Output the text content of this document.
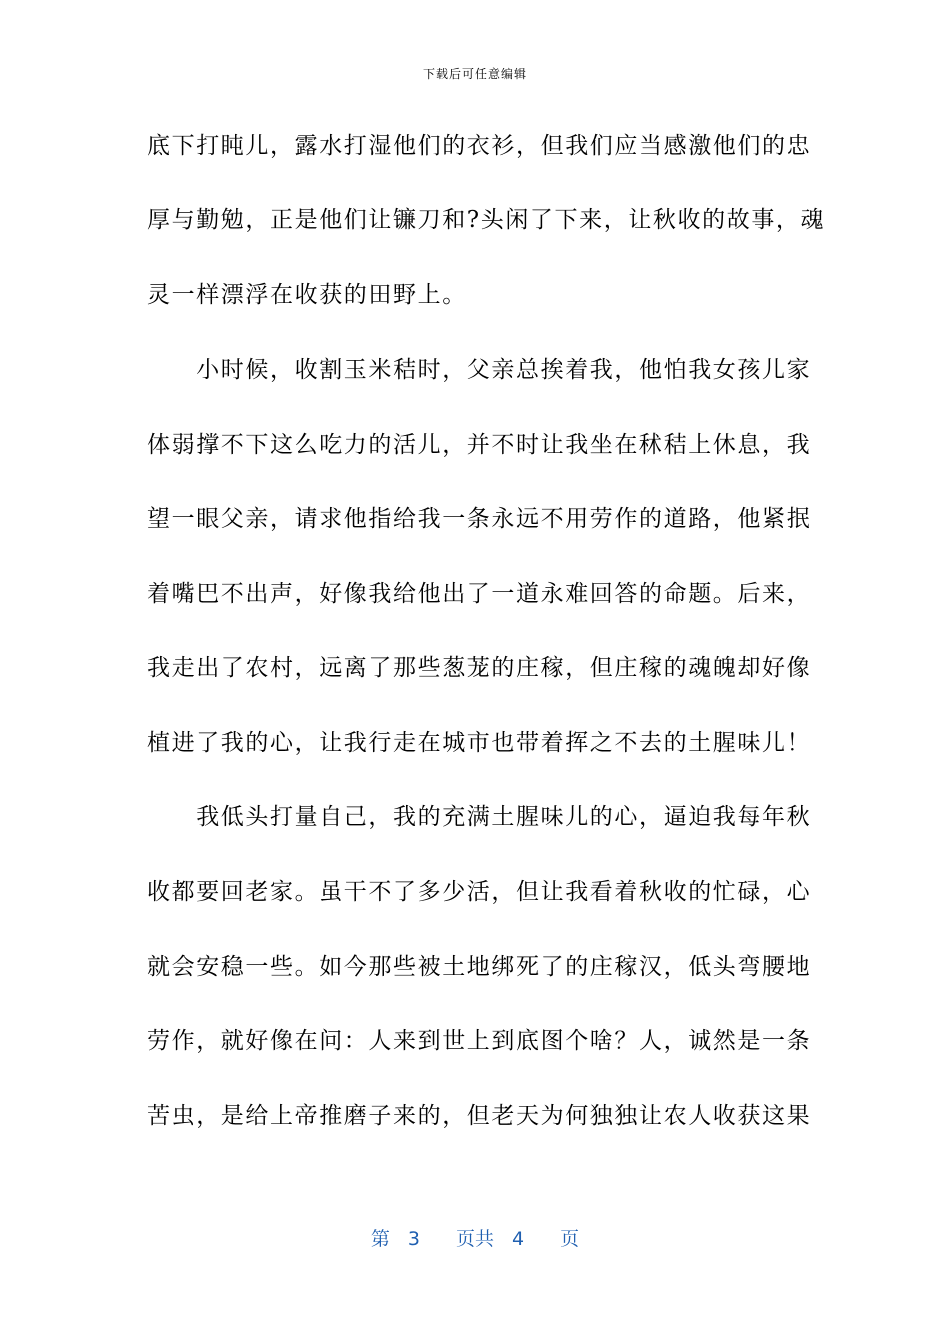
下载后可任意编辑
底下打盹儿，露水打湿他们的衣衫，但我们应当感激他们的忠
厚与勤勉，正是他们让镰刀和?头闲了下来，让秋收的故事，魂
灵一样漂浮在收获的田野上。
　　小时候，收割玉米秸时，父亲总挨着我，他怕我女孩儿家
体弱撑不下这么吃力的活儿，并不时让我坐在秫秸上休息，我
望一眼父亲，请求他指给我一条永远不用劳作的道路，他紧抿
着嘴巴不出声，好像我给他出了一道永难回答的命题。后来，
我走出了农村，远离了那些葱茏的庄稼，但庄稼的魂魄却好像
植进了我的心，让我行走在城市也带着挥之不去的土腥味儿！
　　我低头打量自己，我的充满土腥味儿的心，逼迫我每年秋
收都要回老家。虽干不了多少活，但让我看着秋收的忙碌，心
就会安稳一些。如今那些被土地绑死了的庄稼汉，低头弯腰地
劳作，就好像在问：人来到世上到底图个啥？人，诚然是一条
苦虫，是给上帝推磨子来的，但老天为何独独让农人收获这果
第 3 页共 4 页
